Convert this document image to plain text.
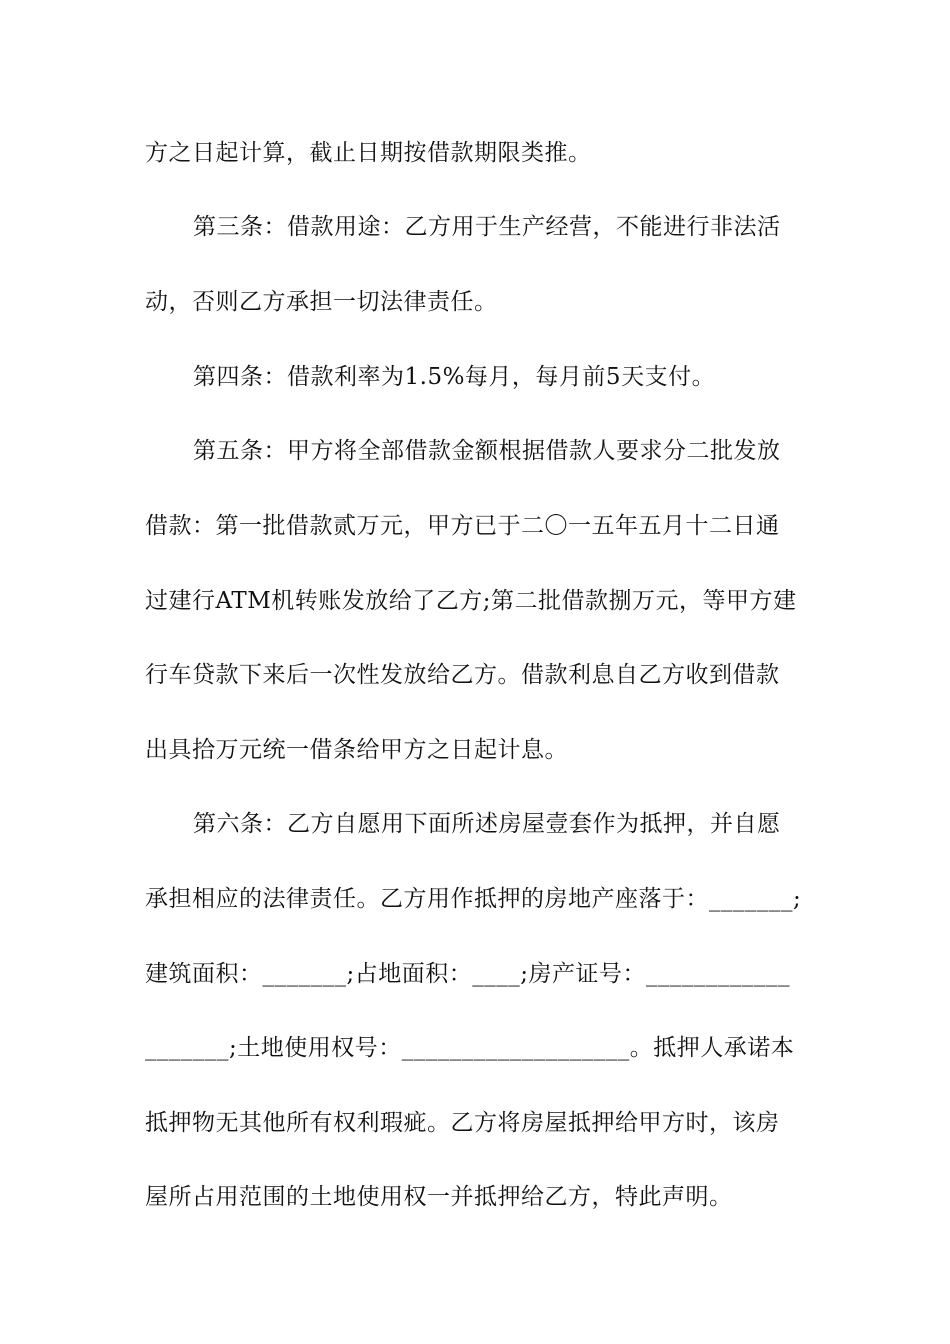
方之日起计算，截止日期按借款期限类推。
第三条：借款用途：乙方用于生产经营，不能进行非法活
动，否则乙方承担一切法律责任。
第四条：借款利率为1.5%每月，每月前5天支付。
第五条：甲方将全部借款金额根据借款人要求分二批发放
借款：第一批借款贰万元，甲方已于二〇一五年五月十二日通
过建行ATM机转账发放给了乙方;第二批借款捌万元，等甲方建
行车贷款下来后一次性发放给乙方。借款利息自乙方收到借款
出具拾万元统一借条给甲方之日起计息。
第六条：乙方自愿用下面所述房屋壹套作为抵押，并自愿
承担相应的法律责任。乙方用作抵押的房地产座落于：_______;
建筑面积：_______;占地面积：____;房产证号：____________
_______;土地使用权号：___________________。抵押人承诺本
抵押物无其他所有权利瑕疵。乙方将房屋抵押给甲方时，该房
屋所占用范围的土地使用权一并抵押给乙方，特此声明。
